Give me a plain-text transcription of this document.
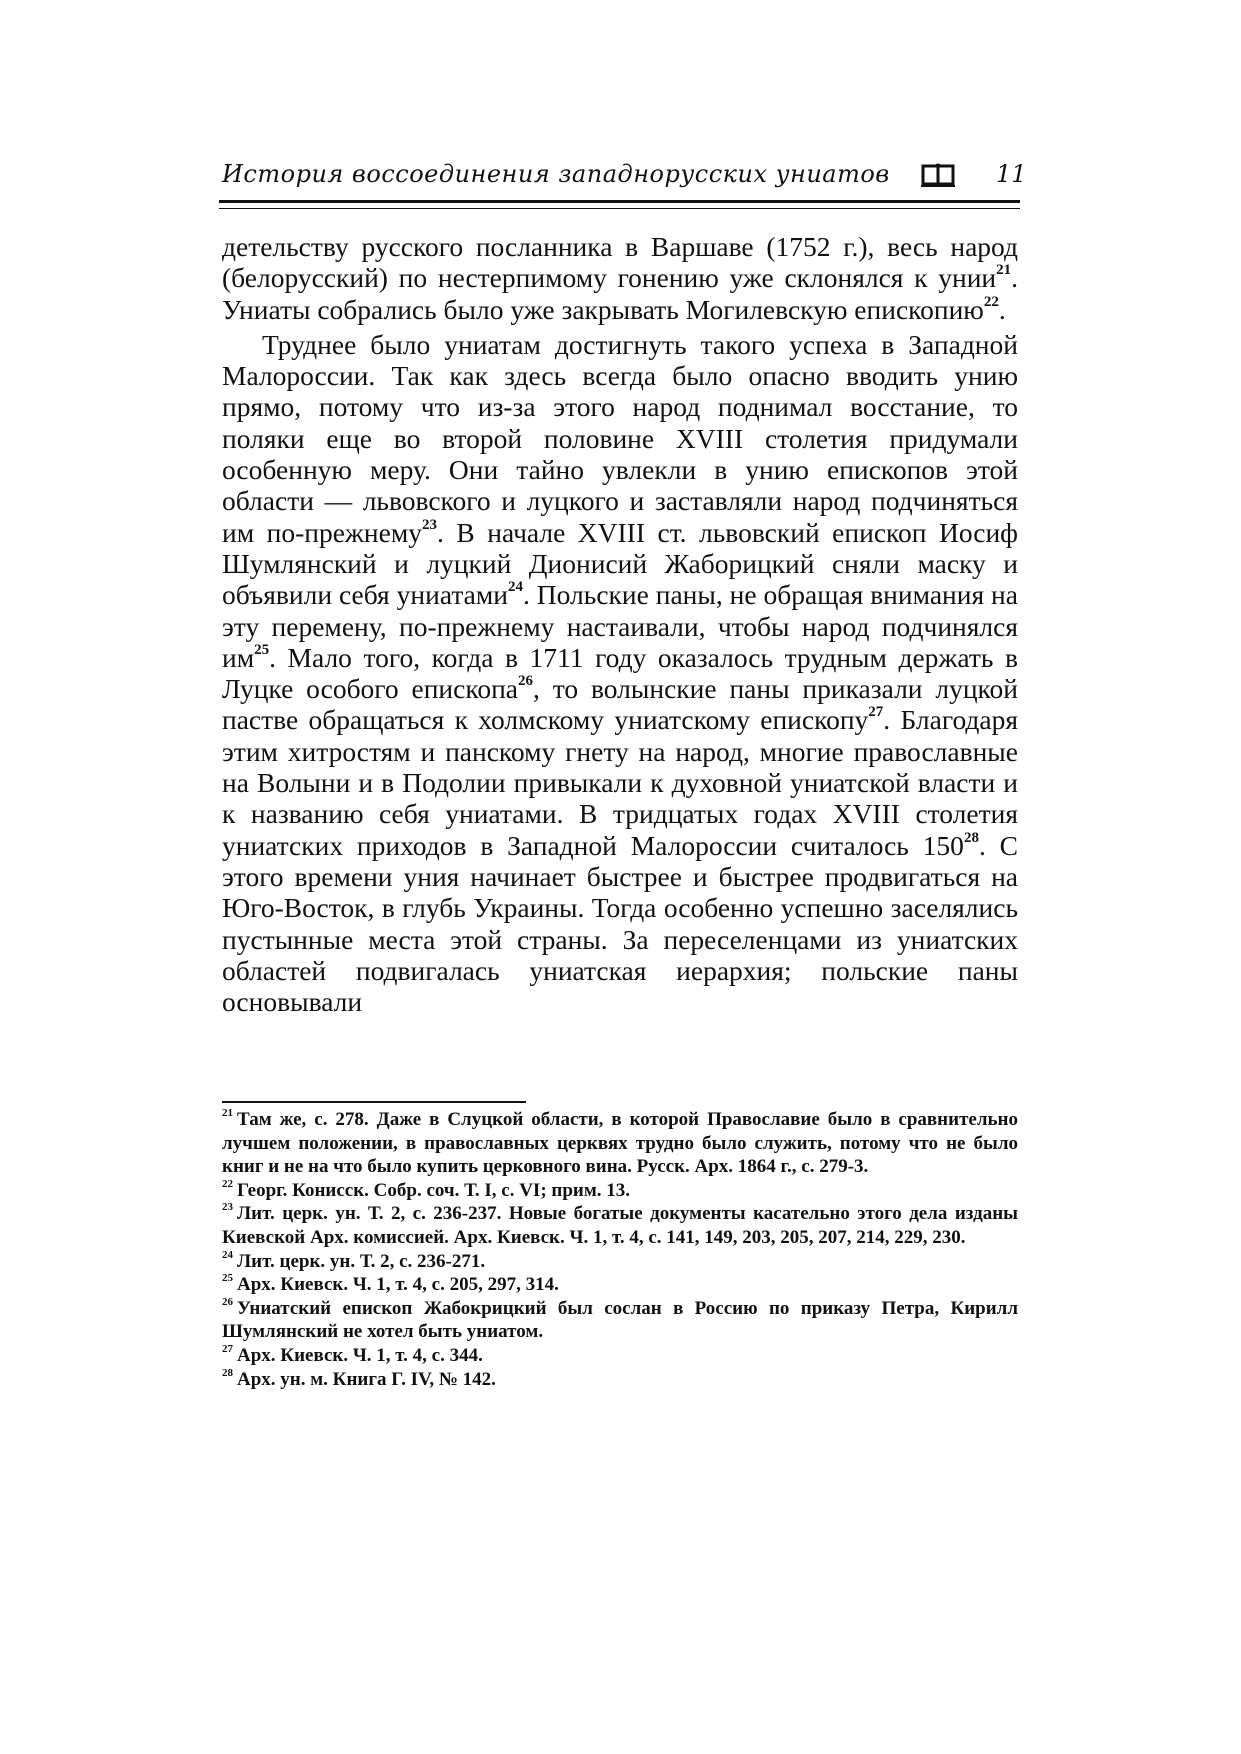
История воссоединения западнорусских униатов	11

детельству русского посланника в Варшаве (1752 г.), весь народ (белорусский) по нестерпимому гонению уже склонялся к унии$^{21}$. Униаты собрались было уже закрывать Могилевскую епископию$^{22}$.

Труднее было униатам достигнуть такого успеха в Западной Малороссии. Так как здесь всегда было опасно вводить унию прямо, потому что из-за этого народ поднимал восстание, то поляки еще во второй половине XVIII столетия придумали особенную меру. Они тайно увлекли в унию епископов этой области — львовского и луцкого и заставляли народ подчиняться им по-прежнему$^{23}$. В начале XVIII ст. львовский епископ Иосиф Шумлянский и луцкий Дионисий Жаборицкий сняли маску и объявили себя униатами$^{24}$. Польские паны, не обращая внимания на эту перемену, по-прежнему настаивали, чтобы народ подчинялся им$^{25}$. Мало того, когда в 1711 году оказалось трудным держать в Луцке особого епископа$^{26}$, то волынские паны приказали луцкой пастве обращаться к холмскому униатскому епископу$^{27}$. Благодаря этим хитростям и панскому гнету на народ, многие православные на Волыни и в Подолии привыкали к духовной униатской власти и к названию себя униатами. В тридцатых годах XVIII столетия униатских приходов в Западной Малороссии считалось 150$^{28}$. С этого времени уния начинает быстрее и быстрее продвигаться на Юго-Восток, в глубь Украины. Тогда особенно успешно заселялись пустынные места этой страны. За переселенцами из униатских областей подвигалась униатская иерархия; польские паны основывали

$^{21}$ Там же, с. 278. Даже в Слуцкой области, в которой Православие было в сравнительно лучшем положении, в православных церквях трудно было служить, потому что не было книг и не на что было купить церковного вина. Русск. Арх. 1864 г., с. 279-3.

$^{22}$ Георг. Конисск. Собр. соч. Т. I, с. VI; прим. 13.

$^{23}$ Лит. церк. ун. Т. 2, с. 236-237. Новые богатые документы касательно этого дела изданы Киевской Арх. комиссией. Арх. Киевск. Ч. 1, т. 4, с. 141, 149, 203, 205, 207, 214, 229, 230.

$^{24}$ Лит. церк. ун. Т. 2, с. 236-271.

$^{25}$ Арх. Киевск. Ч. 1, т. 4, с. 205, 297, 314.

$^{26}$ Униатский епископ Жабокрицкий был сослан в Россию по приказу Петра, Кирилл Шумлянский не хотел быть униатом.

$^{27}$ Арх. Киевск. Ч. 1, т. 4, с. 344.

$^{28}$ Арх. ун. м. Книга Г. IV, № 142.
